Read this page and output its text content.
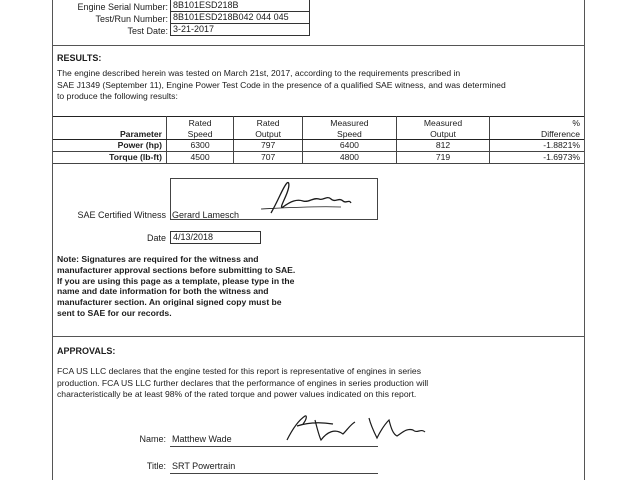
Engine Serial Number: 8B101ESD218B
Test/Run Number: 8B101ESD218B042 044 045
Test Date: 3-21-2017
RESULTS:
The engine described herein was tested on March 21st, 2017, according to the requirements prescribed in
SAE J1349 (September 11), Engine Power Test Code in the presence of a qualified SAE witness, and was determined
to produce the following results:
	Rated	Rated	Measured	Measured	%
Parameter	Speed	Output	Speed	Output	Difference
Power (hp)	6300	797	6400	812	-1.8821%
Torque (lb-ft)	4500	707	4800	719	-1.6973%
SAE Certified Witness Gerard Lamesch
Date 4/13/2018
Note: Signatures are required for the witness and
manufacturer approval sections before submitting to SAE.
If you are using this page as a template, please type in the
name and date information for both the witness and
manufacturer section. An original signed copy must be
sent to SAE for our records.
APPROVALS:
FCA US LLC declares that the engine tested for this report is representative of engines in series
production. FCA US LLC further declares that the performance of engines in series production will
characteristically be at least 98% of the rated torque and power values indicated on this report.
Name: Matthew Wade
Title: SRT Powertrain
